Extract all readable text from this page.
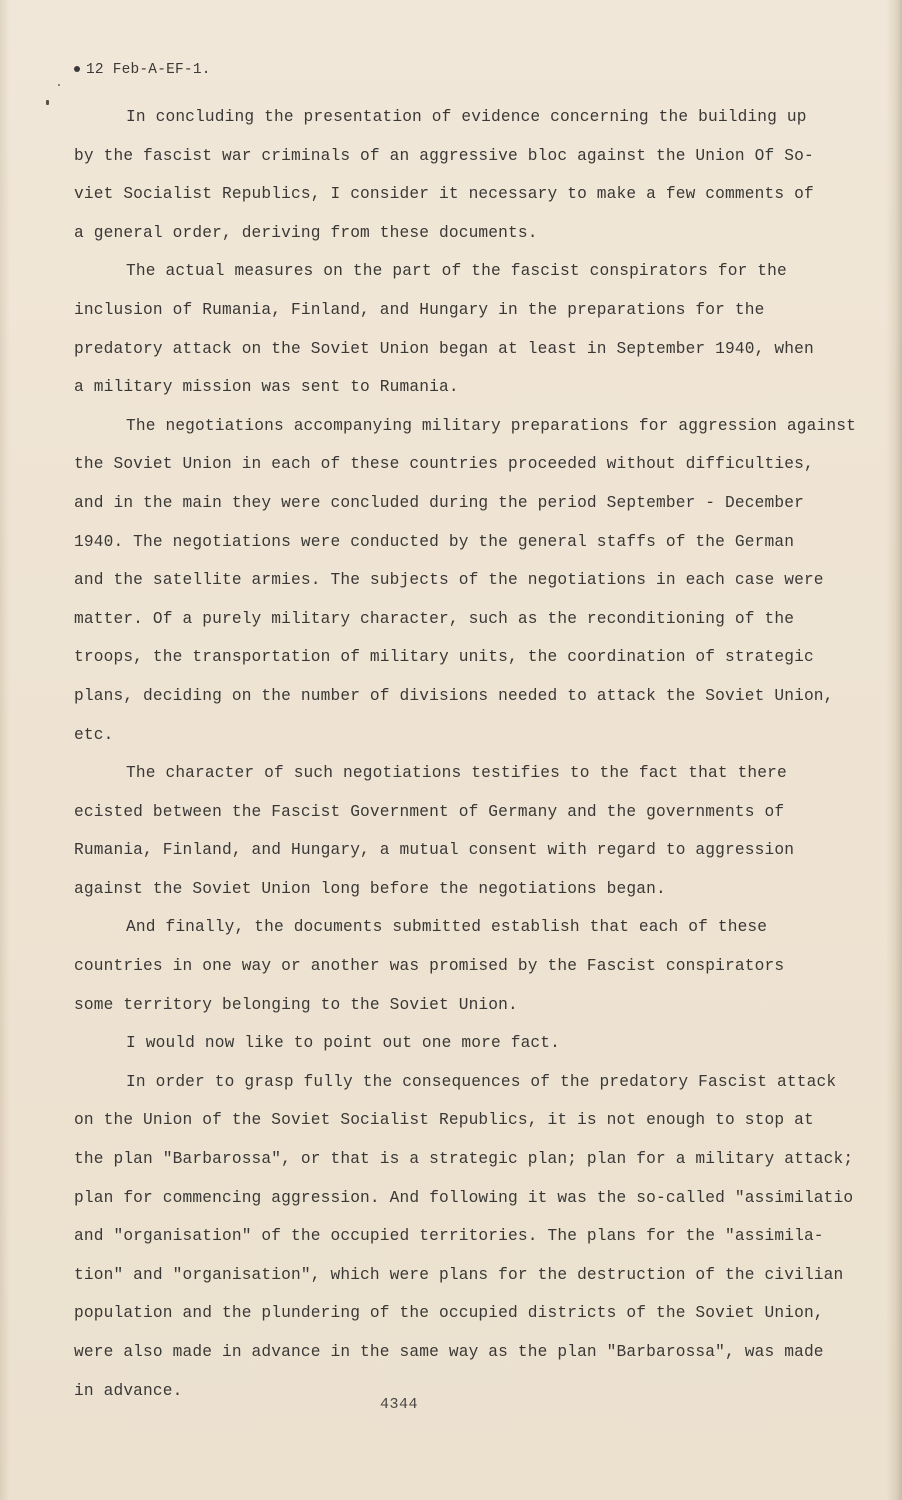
12 Feb-A-EF-1.
In concluding the presentation of evidence concerning the building up
by the fascist war criminals of an aggressive bloc against the Union Of So-
viet Socialist Republics, I consider it necessary to make a few comments of
a general order, deriving from these documents.
The actual measures on the part of the fascist conspirators for the
inclusion of Rumania, Finland, and Hungary in the preparations for the
predatory attack on the Soviet Union began at least in September 1940, when
a military mission was sent to Rumania.
The negotiations accompanying military preparations for aggression against
the Soviet Union in each of these countries proceeded without difficulties,
and in the main they were concluded during the period September - December
1940. The negotiations were conducted by the general staffs of the German
and the satellite armies. The subjects of the negotiations in each case were
matter. Of a purely military character, such as the reconditioning of the
troops, the transportation of military units, the coordination of strategic
plans, deciding on the number of divisions needed to attack the Soviet Union,
etc.
The character of such negotiations testifies to the fact that there
ecisted between the Fascist Government of Germany and the governments of
Rumania, Finland, and Hungary, a mutual consent with regard to aggression
against the Soviet Union long before the negotiations began.
And finally, the documents submitted establish that each of these
countries in one way or another was promised by the Fascist conspirators
some territory belonging to the Soviet Union.
I would now like to point out one more fact.
In order to grasp fully the consequences of the predatory Fascist attack
on the Union of the Soviet Socialist Republics, it is not enough to stop at
the plan "Barbarossa", or that is a strategic plan; plan for a military attack;
plan for commencing aggression. And following it was the so-called "assimilatio
and "organisation" of the occupied territories. The plans for the "assimila-
tion" and "organisation", which were plans for the destruction of the civilian
population and the plundering of the occupied districts of the Soviet Union,
were also made in advance in the same way as the plan "Barbarossa", was made
in advance.
4344
